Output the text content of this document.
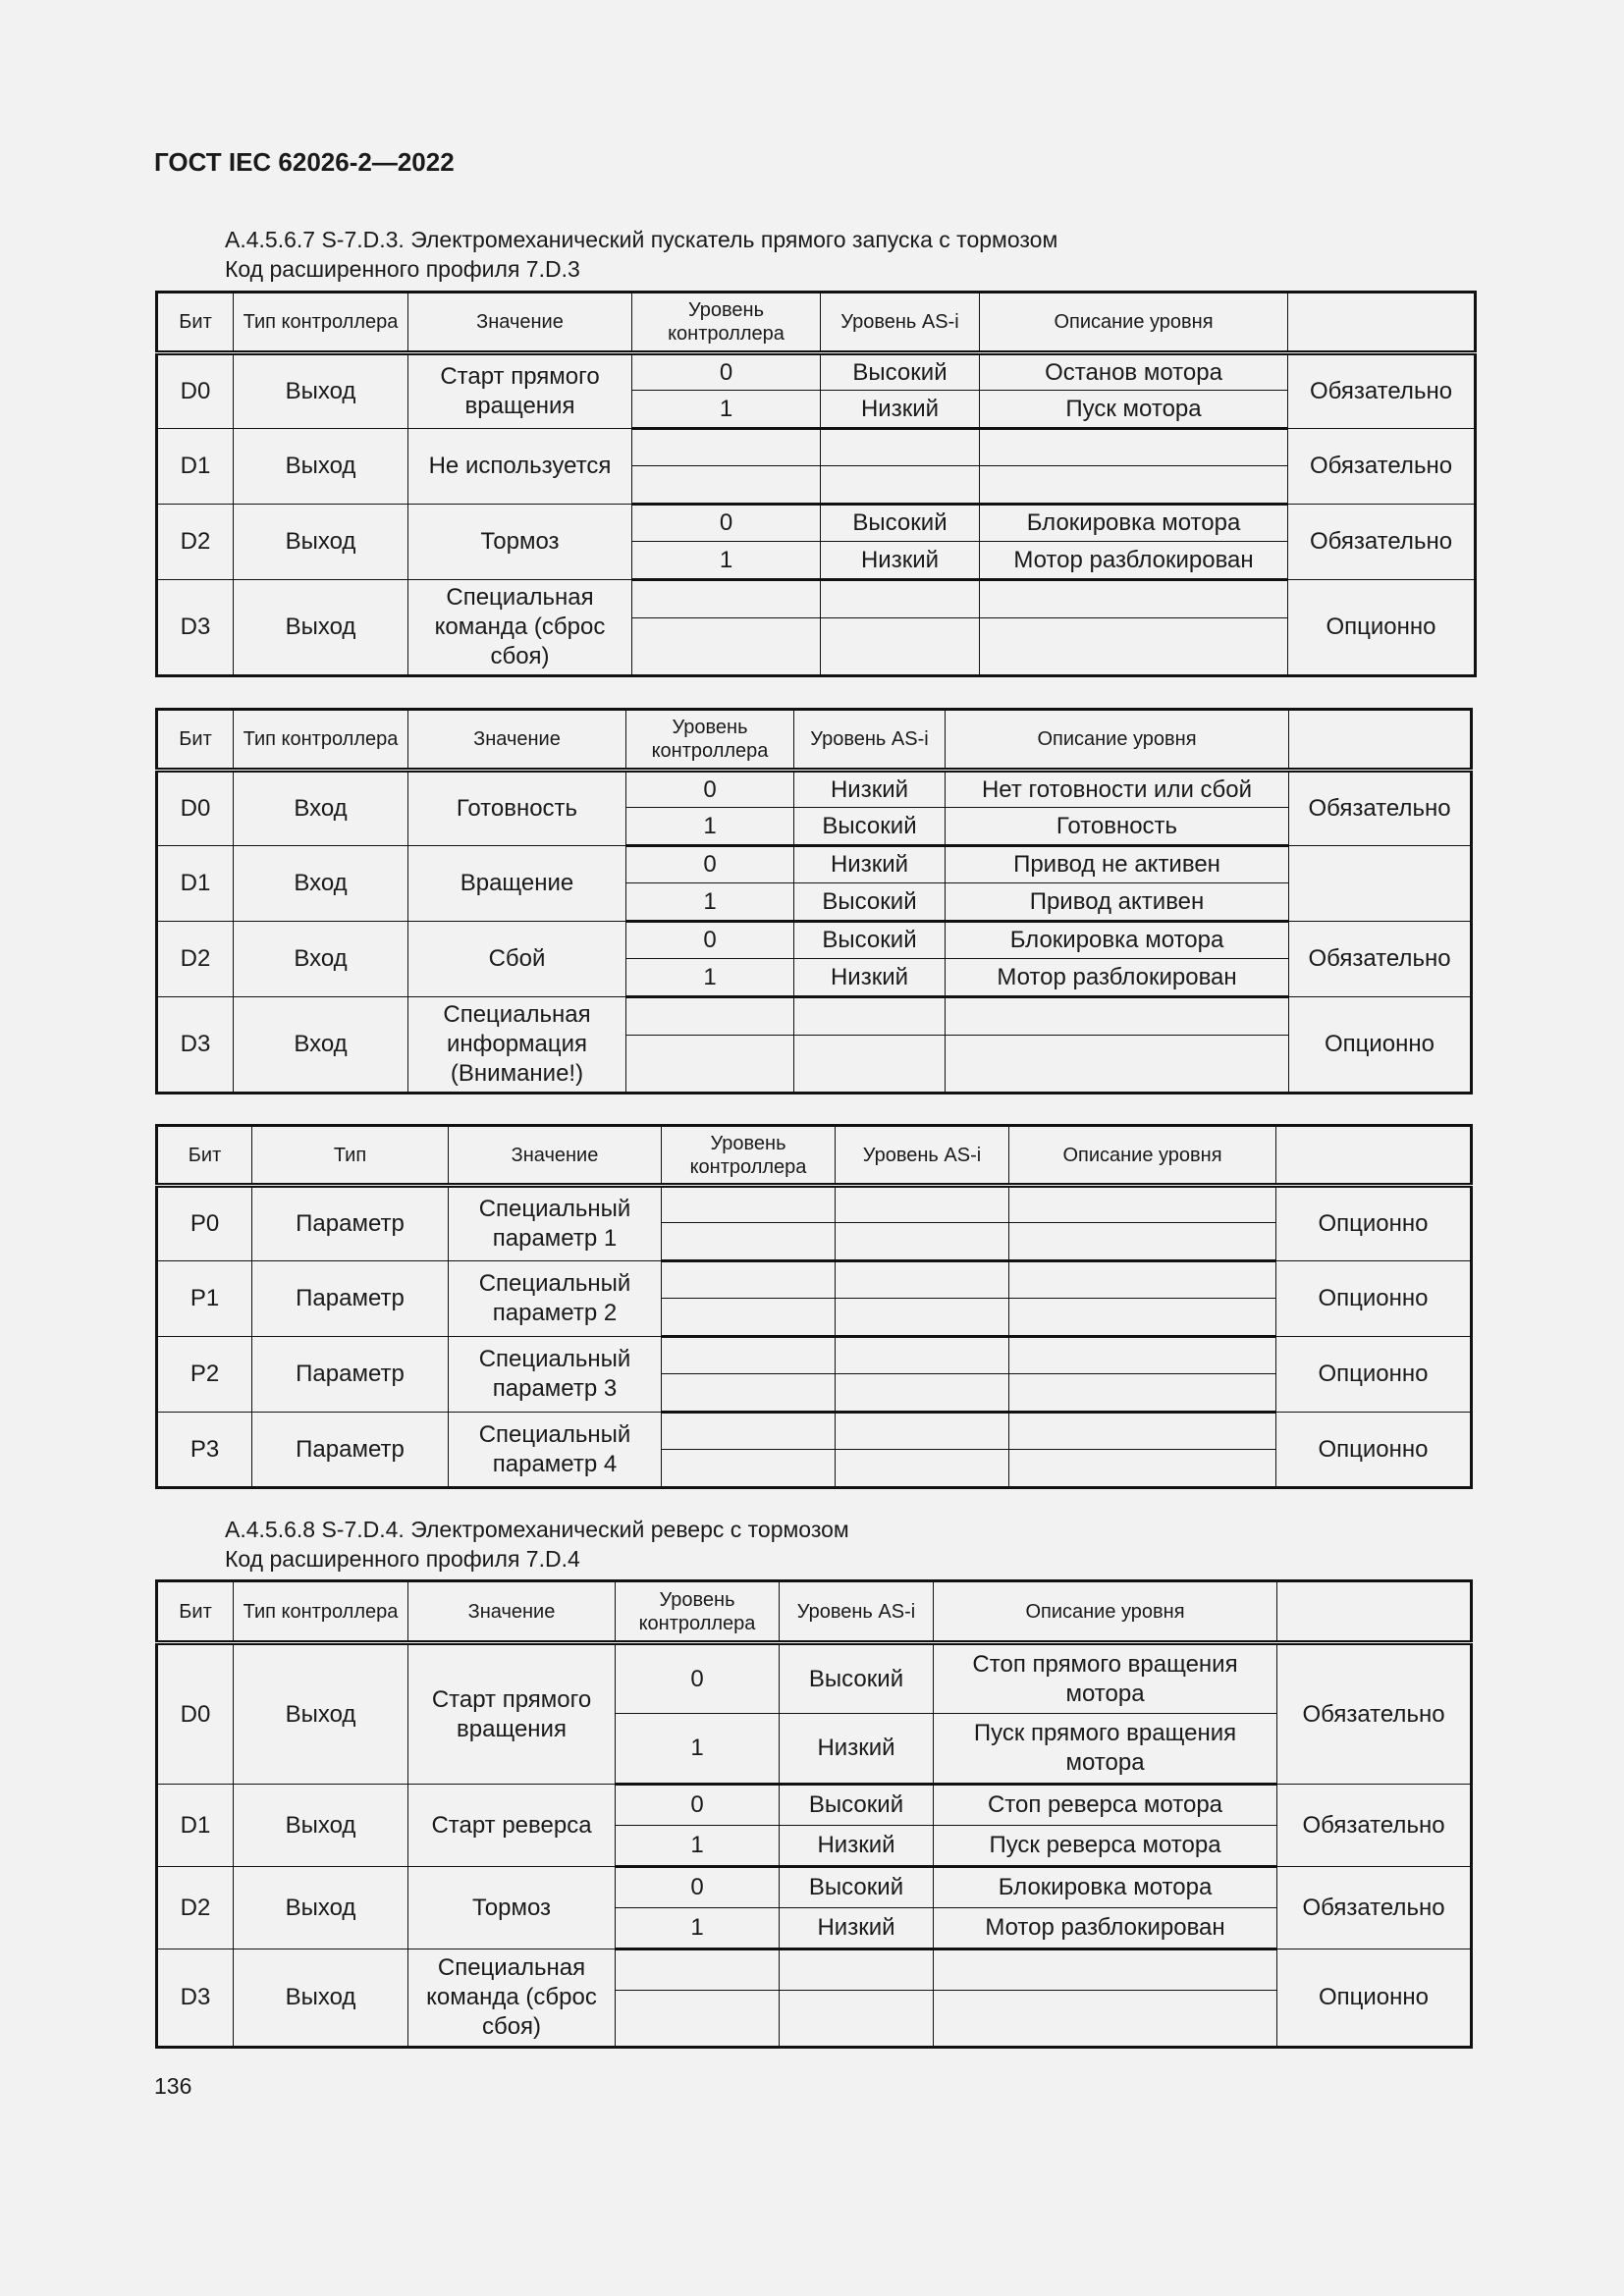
ГОСТ IEC 62026-2—2022

А.4.5.6.7 S-7.D.3. Электромеханический пускатель прямого запуска с тормозом
Код расширенного профиля 7.D.3

А.4.5.6.8 S-7.D.4. Электромеханический реверс с тормозом
Код расширенного профиля 7.D.4

Бит	Тип контроллера	Значение	Уровень контроллера	Уровень AS-i	Описание уровня	
D0	Выход	Старт прямого вращения	0	Высокий	Останов мотора	Обязательно
			1	Низкий	Пуск мотора	
D1	Выход	Не используется				Обязательно

D2	Выход	Тормоз	0	Высокий	Блокировка мотора	Обязательно
			1	Низкий	Мотор разблокирован	
D3	Выход	Специальная команда (сброс сбоя)				Опционно

Бит	Тип контроллера	Значение	Уровень контроллера	Уровень AS-i	Описание уровня	
D0	Вход	Готовность	0	Низкий	Нет готовности или сбой	Обязательно
			1	Высокий	Готовность	
D1	Вход	Вращение	0	Низкий	Привод не активен	
			1	Высокий	Привод активен	
D2	Вход	Сбой	0	Высокий	Блокировка мотора	Обязательно
			1	Низкий	Мотор разблокирован	
D3	Вход	Специальная информация (Внимание!)				Опционно

Бит	Тип	Значение	Уровень контроллера	Уровень AS-i	Описание уровня	
P0	Параметр	Специальный параметр 1				Опционно

P1	Параметр	Специальный параметр 2				Опционно

P2	Параметр	Специальный параметр 3				Опционно

P3	Параметр	Специальный параметр 4				Опционно

Бит	Тип контроллера	Значение	Уровень контроллера	Уровень AS-i	Описание уровня	
D0	Выход	Старт прямого вращения	0	Высокий	Стоп прямого вращения мотора	Обязательно
			1	Низкий	Пуск прямого вращения мотора	
D1	Выход	Старт реверса	0	Высокий	Стоп реверса мотора	Обязательно
			1	Низкий	Пуск реверса мотора	
D2	Выход	Тормоз	0	Высокий	Блокировка мотора	Обязательно
			1	Низкий	Мотор разблокирован	
D3	Выход	Специальная команда (сброс сбоя)				Опционно

136
